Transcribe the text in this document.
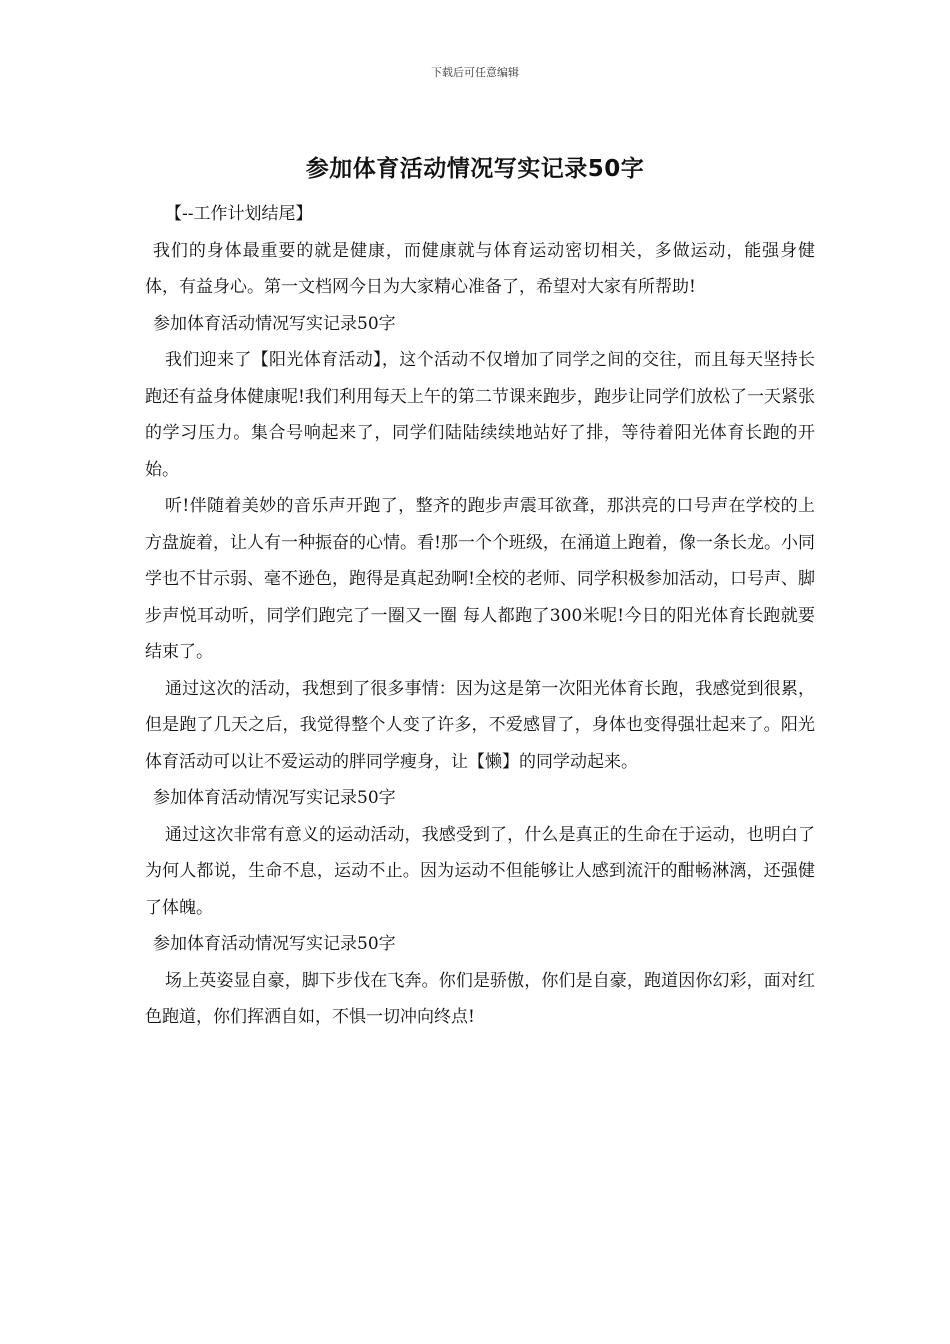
下载后可任意编辑
参加体育活动情况写实记录50字

【--工作计划结尾】

我们的身体最重要的就是健康，而健康就与体育运动密切相关，多做运动，能强身健体，有益身心。第一文档网今日为大家精心准备了，希望对大家有所帮助!

参加体育活动情况写实记录50字

我们迎来了【阳光体育活动】，这个活动不仅增加了同学之间的交往，而且每天坚持长跑还有益身体健康呢!我们利用每天上午的第二节课来跑步，跑步让同学们放松了一天紧张的学习压力。集合号响起来了，同学们陆陆续续地站好了排，等待着阳光体育长跑的开始。

听!伴随着美妙的音乐声开跑了，整齐的跑步声震耳欲聋，那洪亮的口号声在学校的上方盘旋着，让人有一种振奋的心情。看!那一个个班级，在涌道上跑着，像一条长龙。小同学也不甘示弱、毫不逊色，跑得是真起劲啊!全校的老师、同学积极参加活动，口号声、脚步声悦耳动听，同学们跑完了一圈又一圈 每人都跑了300米呢!今日的阳光体育长跑就要结束了。

通过这次的活动，我想到了很多事情：因为这是第一次阳光体育长跑，我感觉到很累，但是跑了几天之后，我觉得整个人变了许多，不爱感冒了，身体也变得强壮起来了。阳光体育活动可以让不爱运动的胖同学瘦身，让【懒】的同学动起来。

参加体育活动情况写实记录50字

通过这次非常有意义的运动活动，我感受到了，什么是真正的生命在于运动，也明白了为何人都说，生命不息，运动不止。因为运动不但能够让人感到流汗的酣畅淋漓，还强健了体魄。

参加体育活动情况写实记录50字

场上英姿显自豪，脚下步伐在飞奔。你们是骄傲，你们是自豪，跑道因你幻彩，面对红色跑道，你们挥洒自如，不惧一切冲向终点!
